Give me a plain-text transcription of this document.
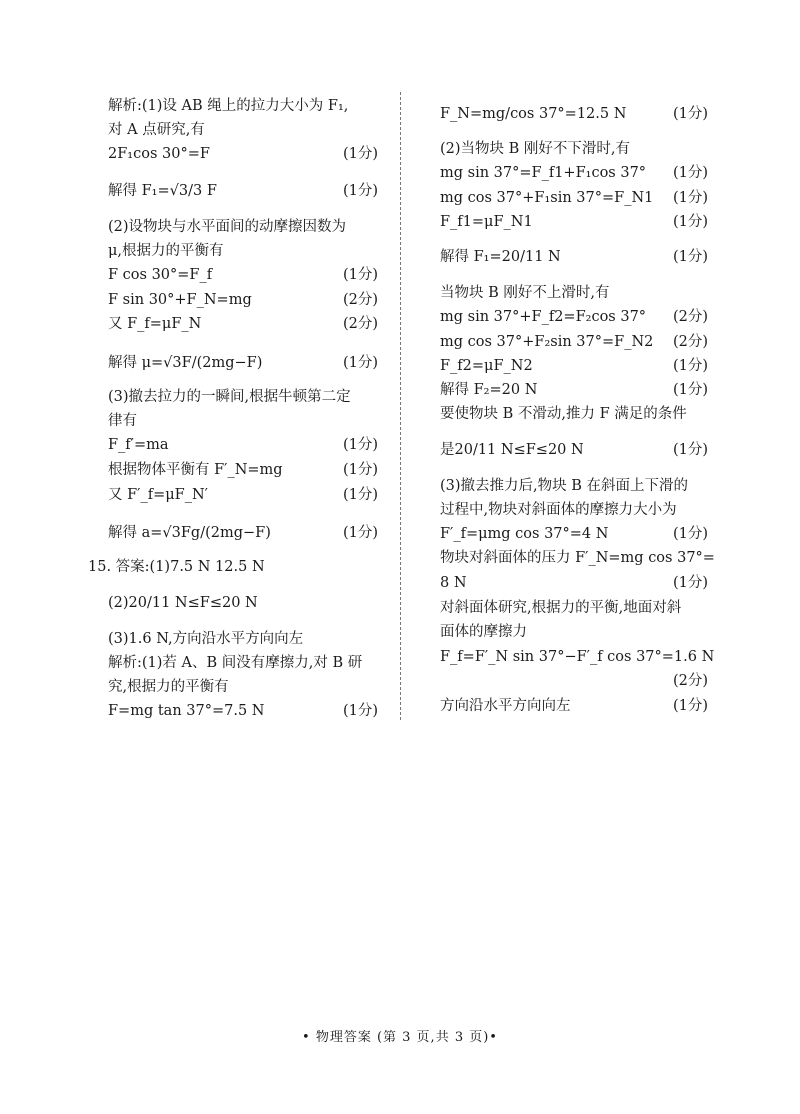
解析:(1)设 AB 绳上的拉力大小为 F₁,
对 A 点研究,有
2F₁cos 30°=F	(1分)
解得 F₁=√3/3 F	(1分)
(2)设物块与水平面间的动摩擦因数为
μ,根据力的平衡有
F cos 30°=F_f	(1分)
F sin 30°+F_N=mg	(2分)
又 F_f=μF_N	(2分)
解得 μ=√3F/(2mg−F)	(1分)
(3)撤去拉力的一瞬间,根据牛顿第二定
律有
F_f′=ma	(1分)
根据物体平衡有 F′_N=mg	(1分)
又 F′_f=μF_N′	(1分)
解得 a=√3Fg/(2mg−F)	(1分)
15. 答案:(1)7.5 N 12.5 N
(2)20/11 N≤F≤20 N
(3)1.6 N,方向沿水平方向向左
解析:(1)若 A、B 间没有摩擦力,对 B 研
究,根据力的平衡有
F=mg tan 37°=7.5 N	(1分)
F_N=mg/cos 37°=12.5 N	(1分)
(2)当物块 B 刚好不下滑时,有
mg sin 37°=F_f1+F₁cos 37° (1分)
mg cos 37°+F₁sin 37°=F_N1 (1分)
F_f1=μF_N1	(1分)
解得 F₁=20/11 N	(1分)
当物块 B 刚好不上滑时,有
mg sin 37°+F_f2=F₂cos 37° (2分)
mg cos 37°+F₂sin 37°=F_N2 (2分)
F_f2=μF_N2	(1分)
解得 F₂=20 N	(1分)
要使物块 B 不滑动,推力 F 满足的条件
是20/11 N≤F≤20 N	(1分)
(3)撤去推力后,物块 B 在斜面上下滑的
过程中,物块对斜面体的摩擦力大小为
F′_f=μmg cos 37°=4 N	(1分)
物块对斜面体的压力 F′_N=mg cos 37°=
8 N	(1分)
对斜面体研究,根据力的平衡,地面对斜
面体的摩擦力
F_f=F′_N sin 37°−F′_f cos 37°=1.6 N
(2分)
方向沿水平方向向左	(1分)
• 物理答案 (第 3 页,共 3 页)•
